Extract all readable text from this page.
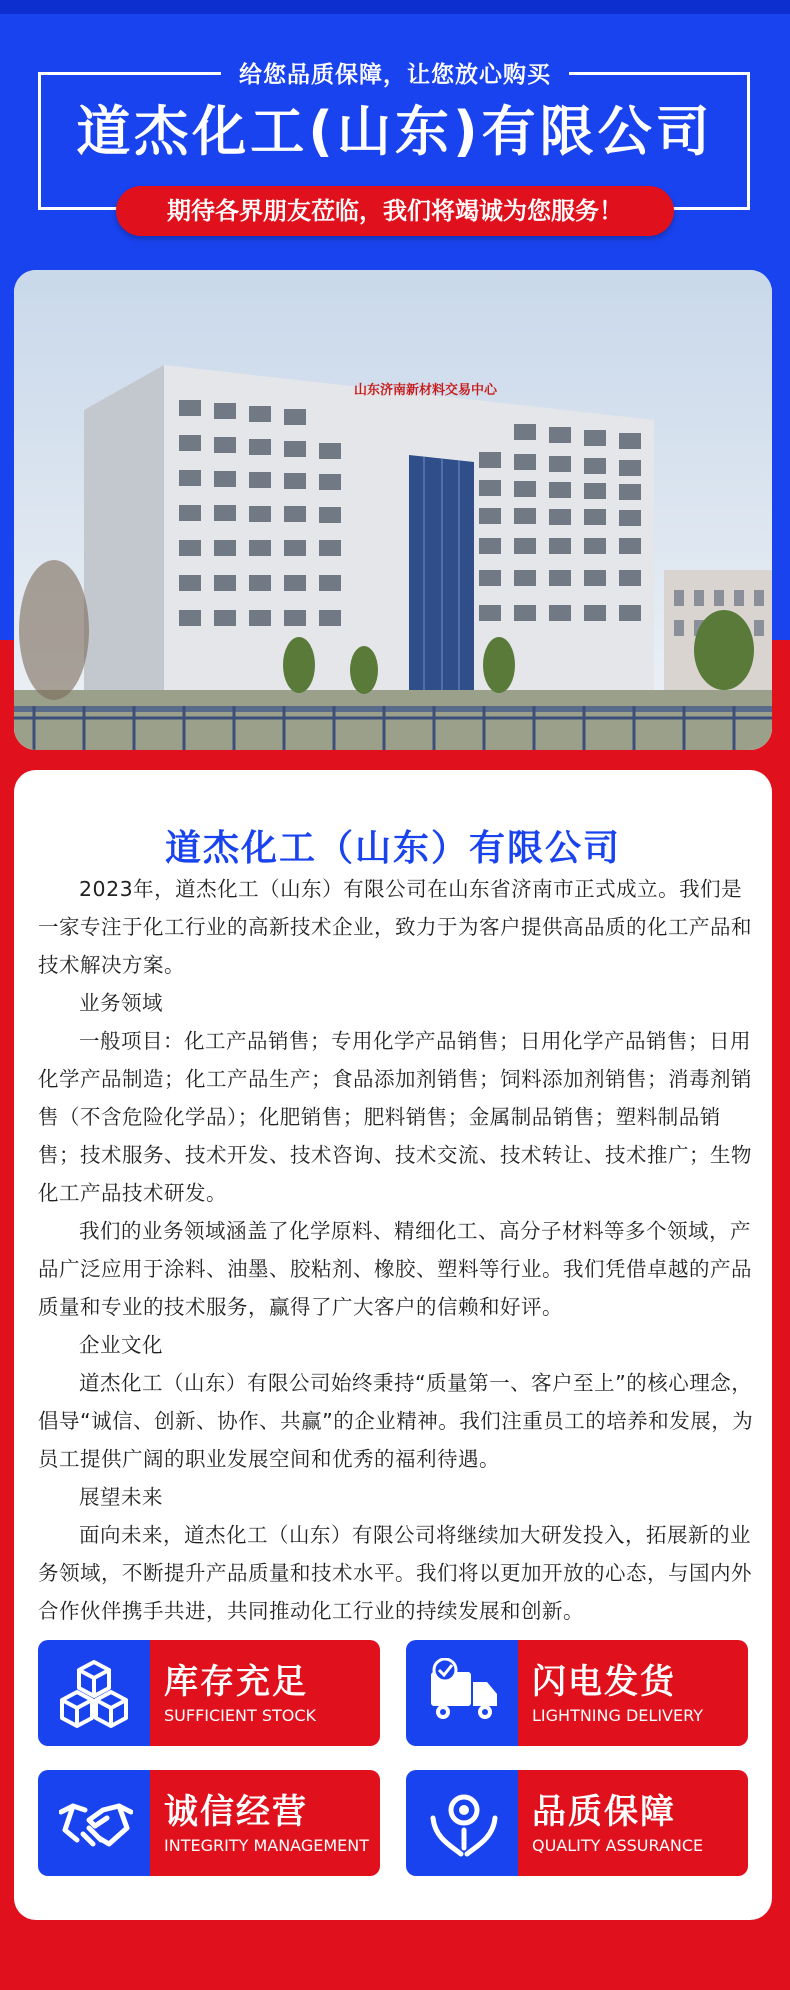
给您品质保障，让您放心购买
道杰化工(山东)有限公司
期待各界朋友莅临，我们将竭诚为您服务！
山东济南新材料交易中心
道杰化工（山东）有限公司

2023年，道杰化工（山东）有限公司在山东省济南市正式成立。我们是一家专注于化工行业的高新技术企业，致力于为客户提供高品质的化工产品和技术解决方案。

业务领域

一般项目：化工产品销售；专用化学产品销售；日用化学产品销售；日用化学产品制造；化工产品生产；食品添加剂销售；饲料添加剂销售；消毒剂销售（不含危险化学品）；化肥销售；肥料销售；金属制品销售；塑料制品销售；技术服务、技术开发、技术咨询、技术交流、技术转让、技术推广；生物化工产品技术研发。

我们的业务领域涵盖了化学原料、精细化工、高分子材料等多个领域，产品广泛应用于涂料、油墨、胶粘剂、橡胶、塑料等行业。我们凭借卓越的产品质量和专业的技术服务，赢得了广大客户的信赖和好评。

企业文化

道杰化工（山东）有限公司始终秉持“质量第一、客户至上”的核心理念，倡导“诚信、创新、协作、共赢”的企业精神。我们注重员工的培养和发展，为员工提供广阔的职业发展空间和优秀的福利待遇。

展望未来

面向未来，道杰化工（山东）有限公司将继续加大研发投入，拓展新的业务领域，不断提升产品质量和技术水平。我们将以更加开放的心态，与国内外合作伙伴携手共进，共同推动化工行业的持续发展和创新。

库存充足
SUFFICIENT STOCK
闪电发货
LIGHTNING DELIVERY
诚信经营
INTEGRITY MANAGEMENT
品质保障
QUALITY ASSURANCE
